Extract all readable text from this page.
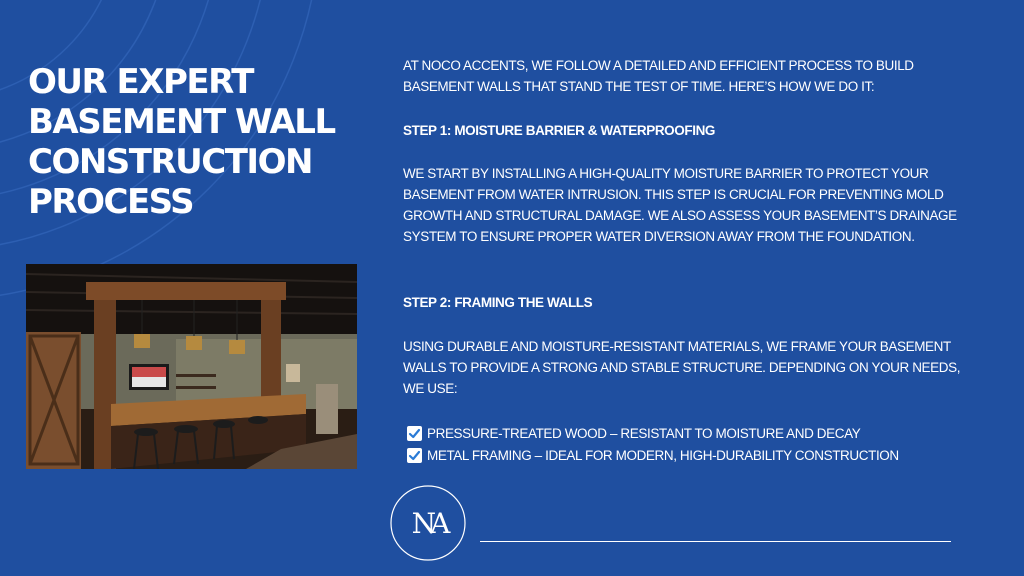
OUR EXPERT
BASEMENT WALL
CONSTRUCTION
PROCESS

AT NOCO ACCENTS, WE FOLLOW A DETAILED AND EFFICIENT PROCESS TO BUILD BASEMENT WALLS THAT STAND THE TEST OF TIME. HERE’S HOW WE DO IT:

STEP 1: MOISTURE BARRIER & WATERPROOFING

WE START BY INSTALLING A HIGH-QUALITY MOISTURE BARRIER TO PROTECT YOUR BASEMENT FROM WATER INTRUSION. THIS STEP IS CRUCIAL FOR PREVENTING MOLD GROWTH AND STRUCTURAL DAMAGE. WE ALSO ASSESS YOUR BASEMENT’S DRAINAGE SYSTEM TO ENSURE PROPER WATER DIVERSION AWAY FROM THE FOUNDATION.

STEP 2: FRAMING THE WALLS

USING DURABLE AND MOISTURE-RESISTANT MATERIALS, WE FRAME YOUR BASEMENT WALLS TO PROVIDE A STRONG AND STABLE STRUCTURE. DEPENDING ON YOUR NEEDS, WE USE:

PRESSURE-TREATED WOOD – RESISTANT TO MOISTURE AND DECAY
METAL FRAMING – IDEAL FOR MODERN, HIGH-DURABILITY CONSTRUCTION
NA
